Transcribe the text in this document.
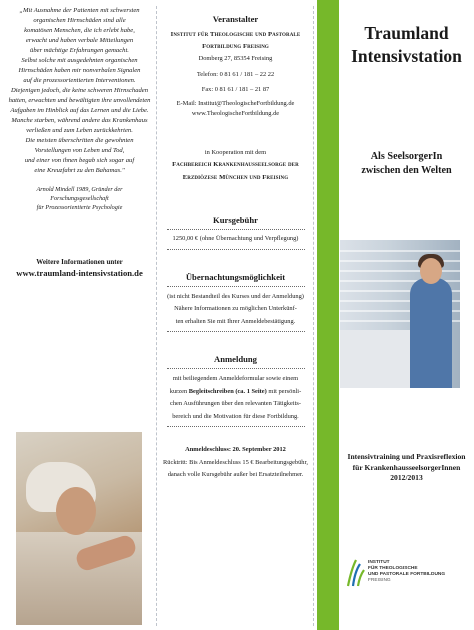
„Mit Ausnahme der Patienten mit schwersten

organischen Hirnschäden sind alle

komatösen Menschen, die ich erlebt habe,

erwacht und haben verbale Mitteilungen

über mächtige Erfahrungen gemacht.

Selbst solche mit ausgedehnten organischen

Hirnschäden haben mir nonverbalen Signalen

auf die prozessorientierten Interventionen.

Diejenigen jedoch, die keine schweren Hirnschaden

hatten, erwachten und bewältigten ihre unvollendeten

Aufgaben im Hinblick auf das Lernen und die Liebe.

Manche starben, während andere das Krankenhaus

verließen und zum Leben zurückkehrten.

Die meisten überschritten die gewohnten

Vorstellungen von Leben und Tod,

und einer von ihnen begab sich sogar auf

eine Kreuzfahrt zu den Bahamas."

Arnold Mindell 1989, Gründer der Forschungsgesellschaft
für Prozessorientierte Psychologie
Weitere Informationen unter
www.traumland-intensivstation.de

Veranstalter

Institut für Theologische und Pastorale

Fortbildung Freising

Domberg 27, 85354 Freising

Telefon: 0 81 61 / 181 – 22 22

Fax: 0 81 61 / 181 – 21 87

E-Mail: Institut@TheologischeFortbildung.de

www.TheologischeFortbildung.de

in Kooperation mit dem

Fachbereich Krankenhausseelsorge der

Erzdiözese München und Freising

Kursgebühr

1250,00 € (ohne Übernachtung und Verpflegung)

Übernachtungsmöglichkeit

(ist nicht Bestandteil des Kurses und der Anmeldung)

Nähere Informationen zu möglichen Unterkünf-

ten erhalten Sie mit Ihrer Anmeldebestätigung.

Anmeldung

mit beiliegendem Anmeldeformular sowie einem

kurzen Begleitschreiben (ca. 1 Seite) mit persönli-

chen Ausführungen über den relevanten Tätigkeits-

bereich und die Motivation für diese Fortbildung.

Anmeldeschluss: 20. September 2012

Rücktritt: Bis Anmeldeschluss 15 € Bearbeitungsgebühr,

danach volle Kursgebühr außer bei Ersatzteilnehmer.

Traumland
Intensivstation
Als SeelsorgerIn
zwischen den Welten
Intensivtraining und Praxisreflexion
für KrankenhausseelsorgerInnen
2012/2013
INSTITUT
FÜR THEOLOGISCHE
UND PASTORALE FORTBILDUNG
FREISING
